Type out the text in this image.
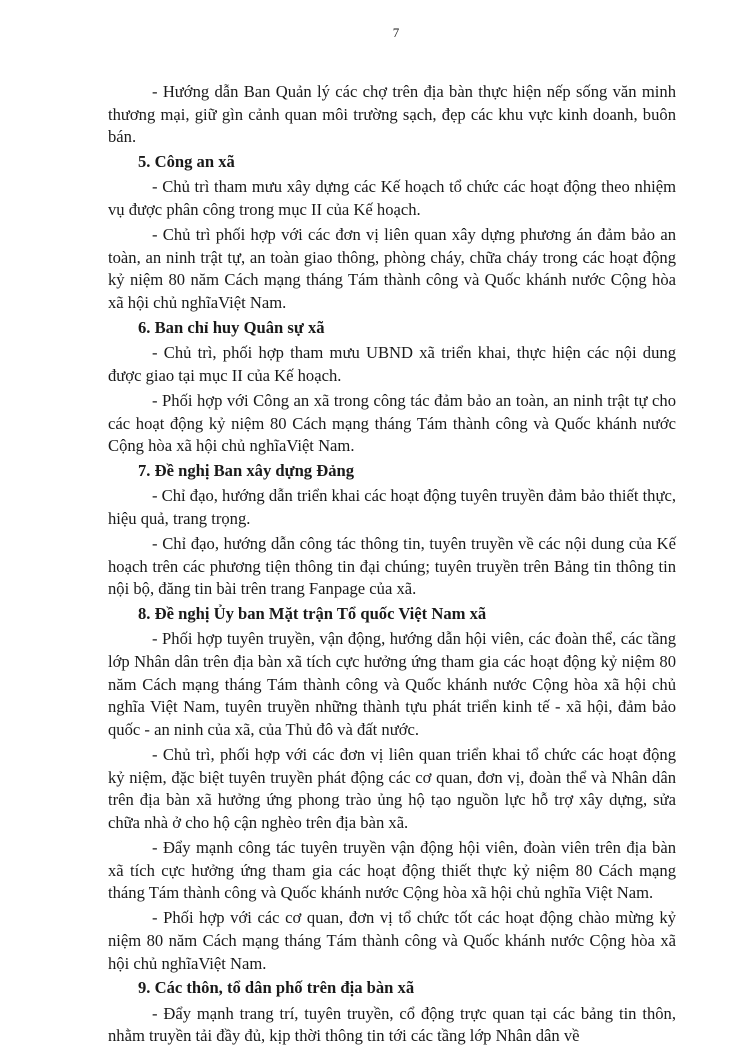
7

- Hướng dẫn Ban Quản lý các chợ trên địa bàn thực hiện nếp sống văn minh thương mại, giữ gìn cảnh quan môi trường sạch, đẹp các khu vực kinh doanh, buôn bán.

5. Công an xã

- Chủ trì tham mưu xây dựng các Kế hoạch tổ chức các hoạt động theo nhiệm vụ được phân công trong mục II của Kế hoạch.

- Chủ trì phối hợp với các đơn vị liên quan xây dựng phương án đảm bảo an toàn, an ninh trật tự, an toàn giao thông, phòng cháy, chữa cháy trong các hoạt động kỷ niệm 80 năm Cách mạng tháng Tám thành công và Quốc khánh nước Cộng hòa xã hội chủ nghĩaViệt Nam.

6. Ban chỉ huy Quân sự xã

- Chủ trì, phối hợp tham mưu UBND xã triển khai, thực hiện các nội dung được giao tại mục II của Kế hoạch.

- Phối hợp với Công an xã trong công tác đảm bảo an toàn, an ninh trật tự cho các hoạt động kỷ niệm 80 Cách mạng tháng Tám thành công và Quốc khánh nước Cộng hòa xã hội chủ nghĩaViệt Nam.

7. Đề nghị Ban xây dựng Đảng

- Chỉ đạo, hướng dẫn triển khai các hoạt động tuyên truyền đảm bảo thiết thực, hiệu quả, trang trọng.

- Chỉ đạo, hướng dẫn công tác thông tin, tuyên truyền về các nội dung của Kế hoạch trên các phương tiện thông tin đại chúng; tuyên truyền trên Bảng tin thông tin nội bộ, đăng tin bài trên trang Fanpage của xã.

8. Đề nghị Ủy ban Mặt trận Tổ quốc Việt Nam xã

- Phối hợp tuyên truyền, vận động, hướng dẫn hội viên, các đoàn thể, các tầng lớp Nhân dân trên địa bàn xã tích cực hưởng ứng tham gia các hoạt động kỷ niệm 80 năm Cách mạng tháng Tám thành công và Quốc khánh nước Cộng hòa xã hội chủ nghĩa Việt Nam, tuyên truyền những thành tựu phát triển kinh tế - xã hội, đảm bảo quốc - an ninh của xã, của Thủ đô và đất nước.

- Chủ trì, phối hợp với các đơn vị liên quan triển khai tổ chức các hoạt động kỷ niệm, đặc biệt tuyên truyền phát động các cơ quan, đơn vị, đoàn thể và Nhân dân trên địa bàn xã hưởng ứng phong trào ủng hộ tạo nguồn lực hỗ trợ xây dựng, sửa chữa nhà ở cho hộ cận nghèo trên địa bàn xã.

- Đẩy mạnh công tác tuyên truyền vận động hội viên, đoàn viên trên địa bàn xã tích cực hưởng ứng tham gia các hoạt động thiết thực kỷ niệm 80 Cách mạng tháng Tám thành công và Quốc khánh nước Cộng hòa xã hội chủ nghĩa Việt Nam.

- Phối hợp với các cơ quan, đơn vị tổ chức tốt các hoạt động chào mừng kỷ niệm 80 năm Cách mạng tháng Tám thành công và Quốc khánh nước Cộng hòa xã hội chủ nghĩaViệt Nam.

9. Các thôn, tổ dân phố trên địa bàn xã

- Đẩy mạnh trang trí, tuyên truyền, cổ động trực quan tại các bảng tin thôn, nhằm truyền tải đầy đủ, kịp thời thông tin tới các tầng lớp Nhân dân về
